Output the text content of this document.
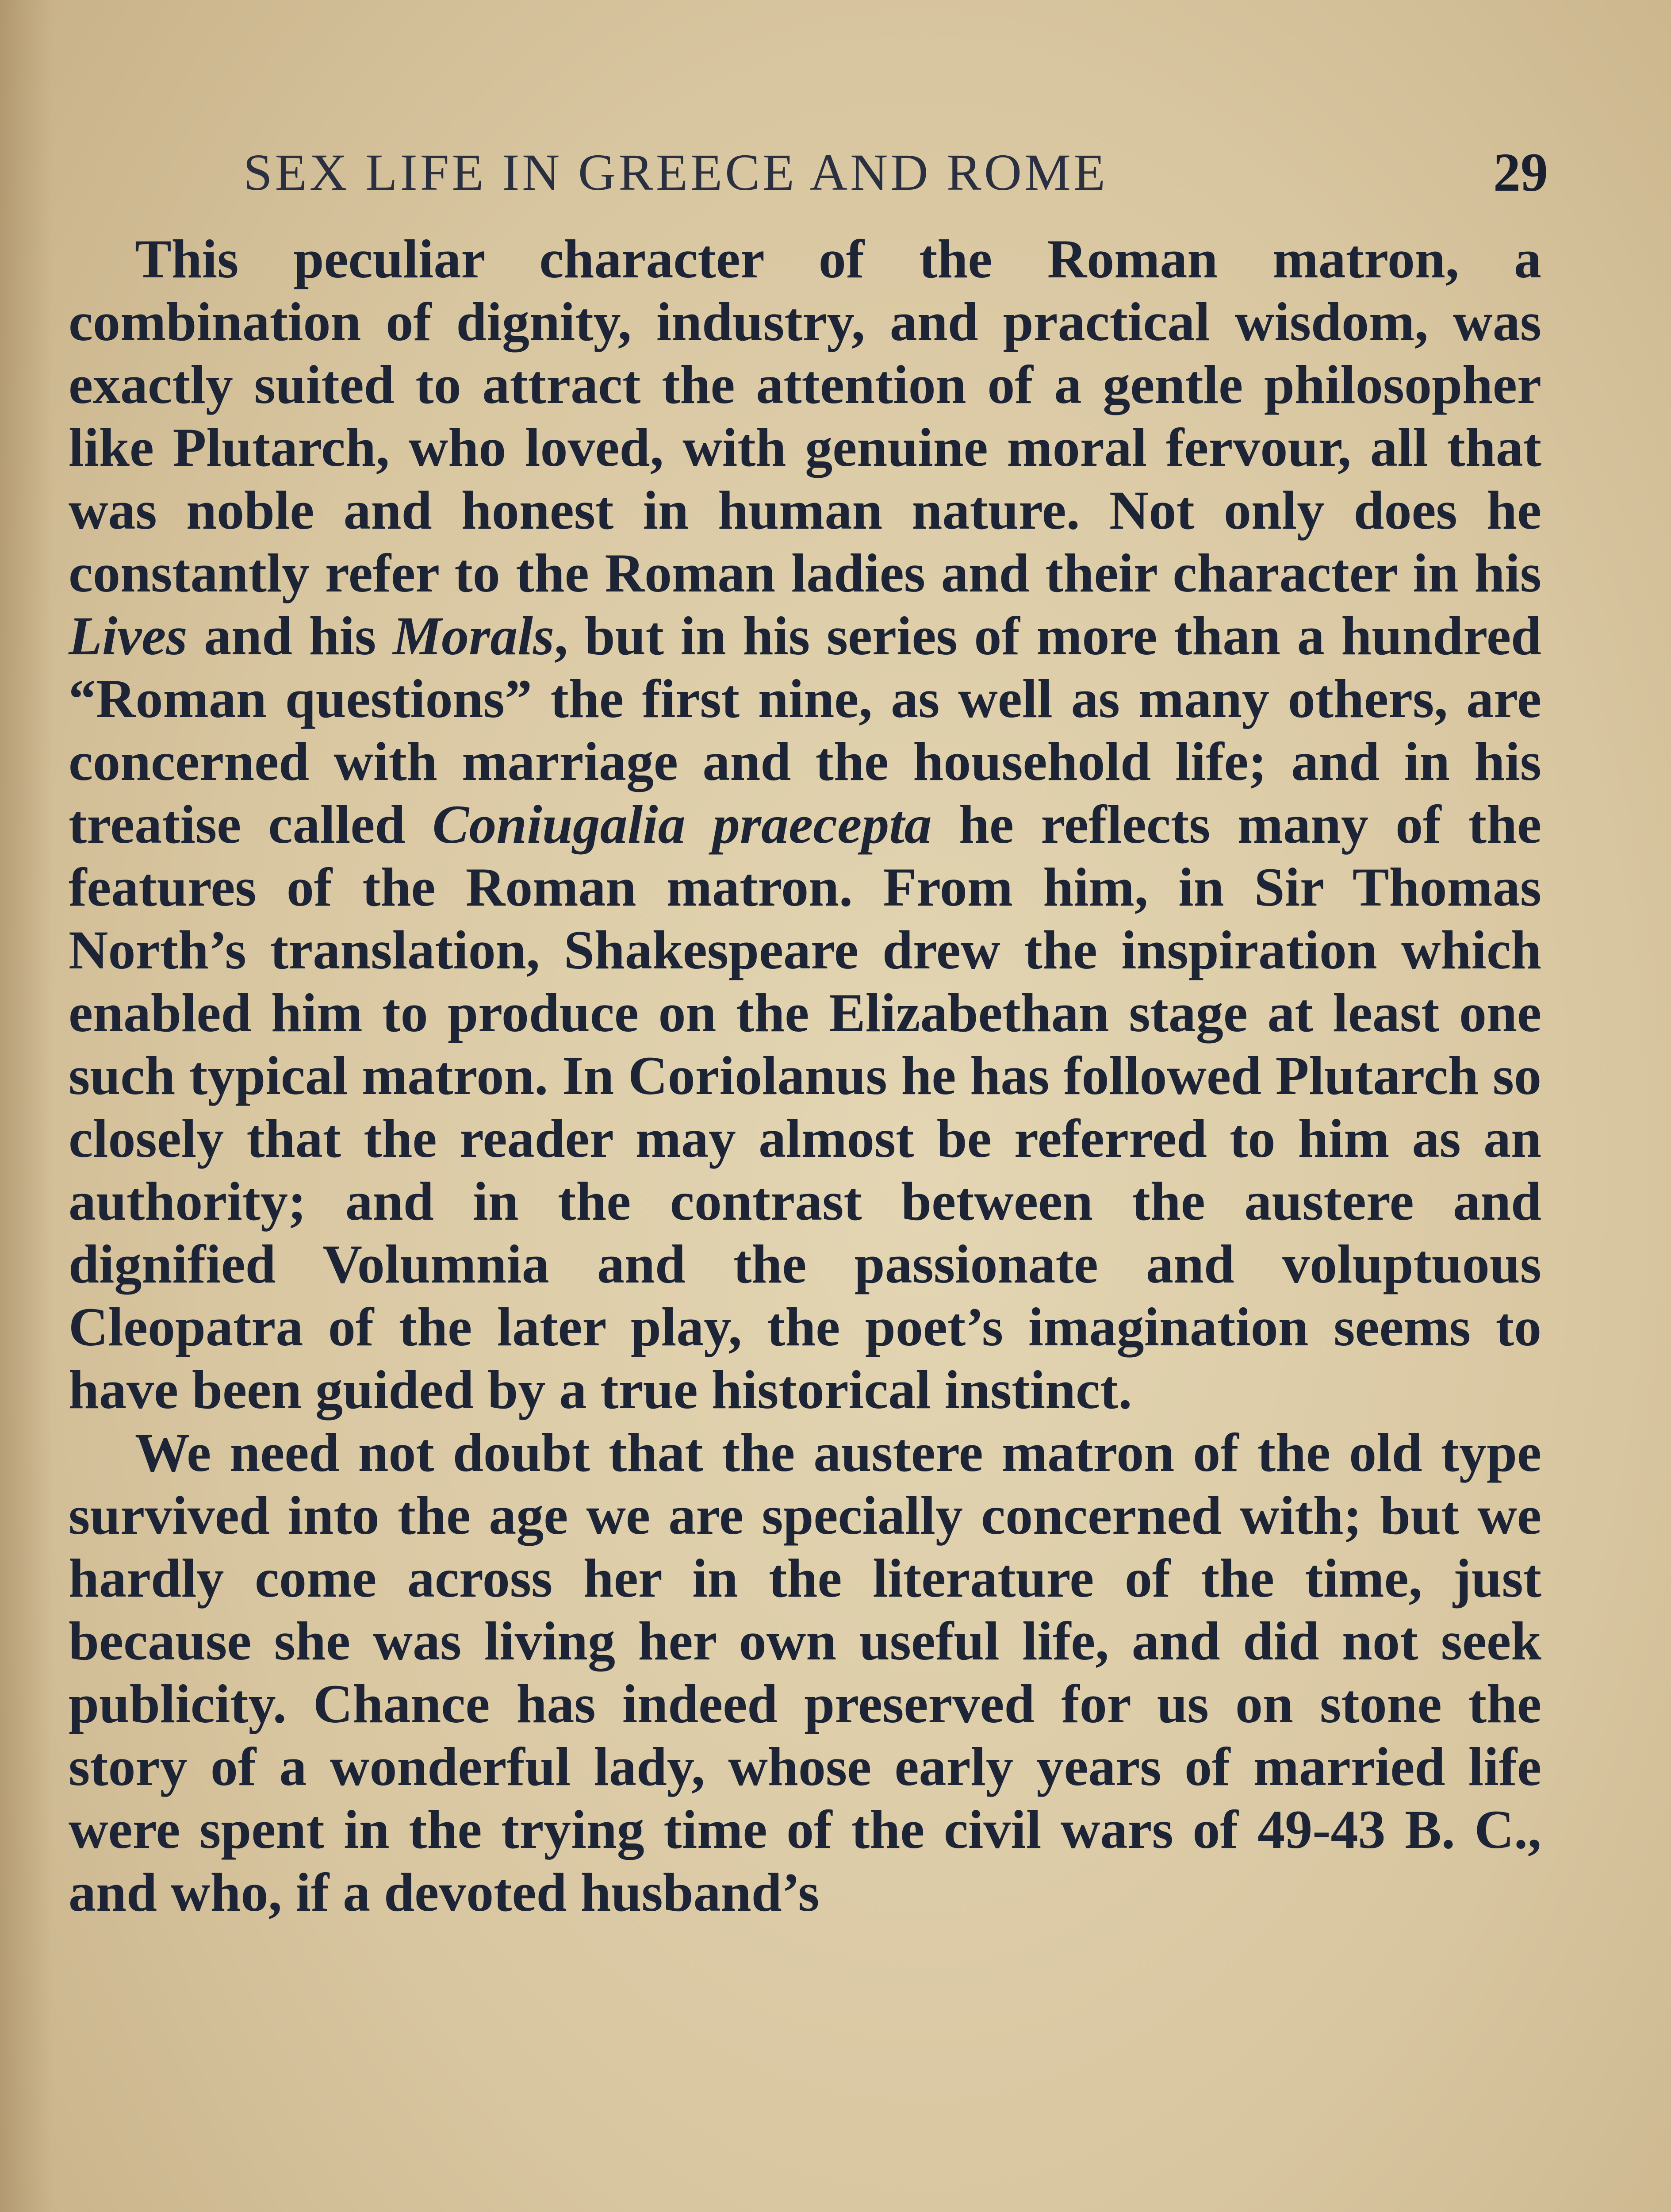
SEX LIFE IN GREECE AND ROME	29

This peculiar character of the Roman matron, a combination of dignity, industry, and practical wisdom, was exactly suited to attract the attention of a gentle philosopher like Plutarch, who loved, with genuine moral fervour, all that was noble and honest in human nature. Not only does he constantly refer to the Roman ladies and their character in his Lives and his Morals, but in his series of more than a hundred “Roman questions” the first nine, as well as many others, are concerned with marriage and the household life; and in his treatise called Coniugalia praecepta he reflects many of the features of the Roman matron. From him, in Sir Thomas North’s translation, Shakespeare drew the inspiration which enabled him to produce on the Elizabethan stage at least one such typical matron. In Coriolanus he has followed Plutarch so closely that the reader may almost be referred to him as an authority; and in the contrast between the austere and dignified Volumnia and the passionate and voluptuous Cleopatra of the later play, the poet’s imagination seems to have been guided by a true historical instinct.

We need not doubt that the austere matron of the old type survived into the age we are specially concerned with; but we hardly come across her in the literature of the time, just because she was living her own useful life, and did not seek publicity. Chance has indeed preserved for us on stone the story of a wonderful lady, whose early years of married life were spent in the trying time of the civil wars of 49-43 B. C., and who, if a devoted husband’s
